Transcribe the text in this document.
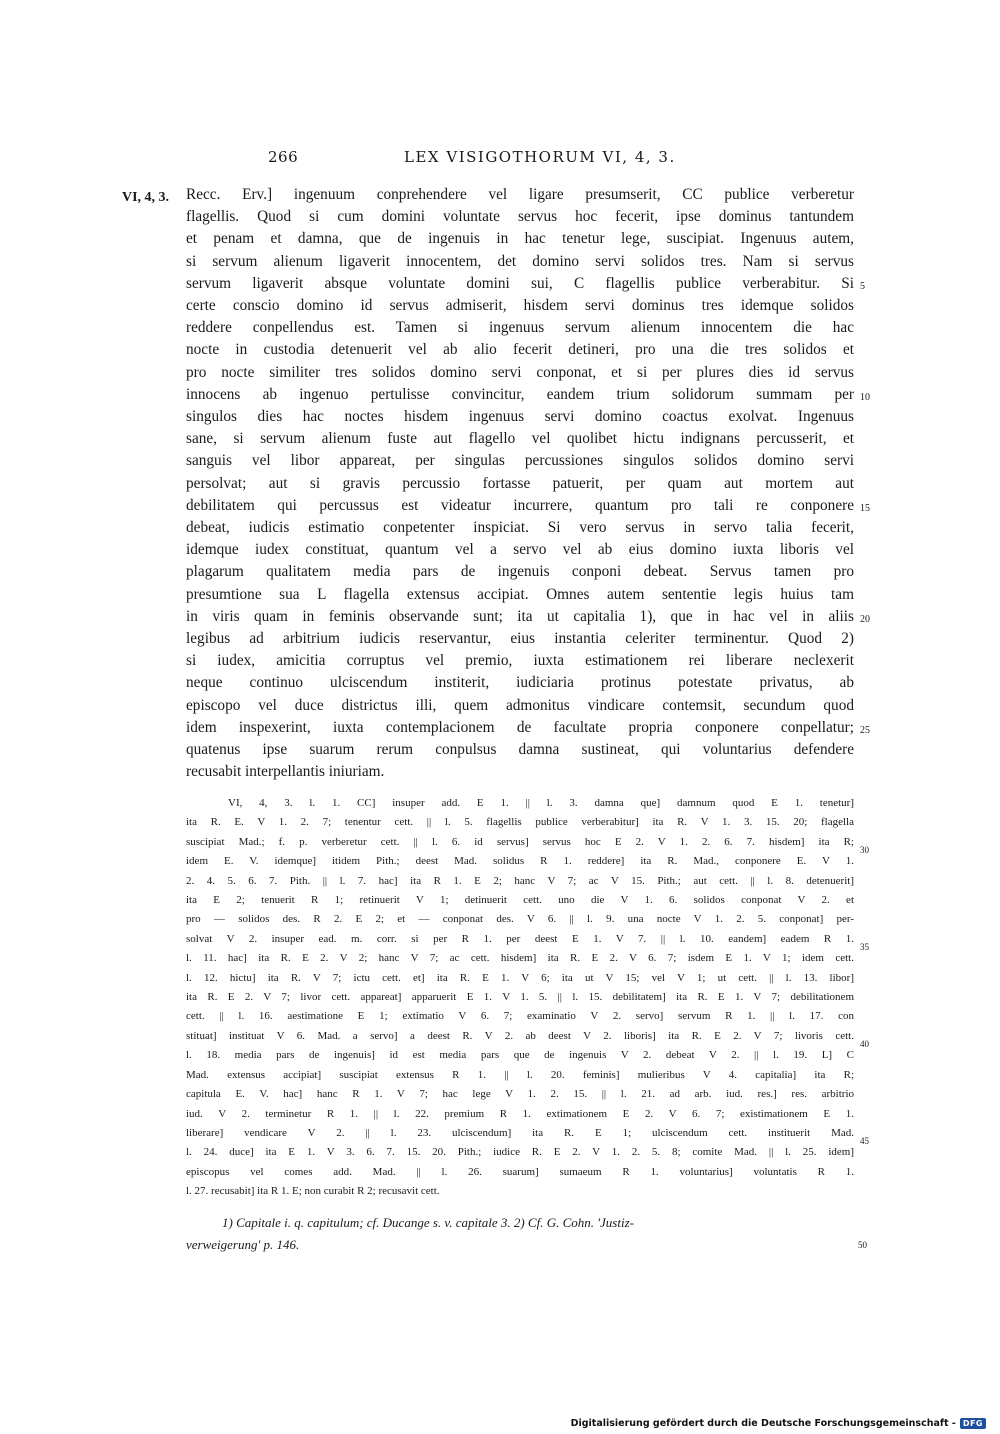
266	LEX VISIGOTHORUM VI, 4, 3.
VI, 4, 3. Recc. Erv.] ingenuum conprehendere vel ligare presumserit, CC publice verberetur
flagellis. Quod si cum domini voluntate servus hoc fecerit, ipse dominus tantundem
et penam et damna, que de ingenuis in hac tenetur lege, suscipiat. Ingenuus autem,
si servum alienum ligaverit innocentem, det domino servi solidos tres. Nam si servus
servum ligaverit absque voluntate domini sui, C flagellis publice verberabitur. Si
certe conscio domino id servus admiserit, hisdem servi dominus tres idemque solidos
reddere conpellendus est. Tamen si ingenuus servum alienum innocentem die hac
nocte in custodia detenuerit vel ab alio fecerit detineri, pro una die tres solidos et
pro nocte similiter tres solidos domino servi conponat, et si per plures dies id servus
innocens ab ingenuo pertulisse convincitur, eandem trium solidorum summam per
singulos dies hac noctes hisdem ingenuus servi domino coactus exolvat. Ingenuus
sane, si servum alienum fuste aut flagello vel quolibet hictu indignans percusserit, et
sanguis vel libor appareat, per singulas percussiones singulos solidos domino servi
persolvat; aut si gravis percussio fortasse patuerit, per quam aut mortem aut
debilitatem qui percussus est videatur incurrere, quantum pro tali re conponere
debeat, iudicis estimatio conpetenter inspiciat. Si vero servus in servo talia fecerit,
idemque iudex constituat, quantum vel a servo vel ab eius domino iuxta liboris vel
plagarum qualitatem media pars de ingenuis conponi debeat. Servus tamen pro
presumtione sua L flagella extensus accipiat. Omnes autem sententie legis huius tam
in viris quam in feminis observande sunt; ita ut capitalia 1), que in hac vel in aliis
legibus ad arbitrium iudicis reservantur, eius instantia celeriter terminentur. Quod 2)
si iudex, amicitia corruptus vel premio, iuxta estimationem rei liberare neclexerit
neque continuo ulciscendum institerit, iudiciaria protinus potestate privatus, ab
episcopo vel duce districtus illi, quem admonitus vindicare contemsit, secundum quod
idem inspexerint, iuxta contemplacionem de facultate propria conponere conpellatur;
quatenus ipse suarum rerum conpulsus damna sustineat, qui voluntarius defendere
recusabit interpellantis iniuriam.
5
10
15
20
25
VI, 4, 3. l. 1. CC] insuper add. E 1. || l. 3. damna que] damnum quod E 1. tenetur]
ita R. E. V 1. 2. 7; tenentur cett. || l. 5. flagellis publice verberabitur] ita R. V 1. 3. 15. 20; flagella
suscipiat Mad.; f. p. verberetur cett. || l. 6. id servus] servus hoc E 2. V 1. 2. 6. 7. hisdem] ita R;
idem E. V. idemque] itidem Pith.; deest Mad. solidus R 1. reddere] ita R. Mad., conponere E. V 1.
2. 4. 5. 6. 7. Pith. || l. 7. hac] ita R 1. E 2; hanc V 7; ac V 15. Pith.; aut cett. || l. 8. detenuerit]
ita E 2; tenuerit R 1; retinuerit V 1; detinuerit cett. uno die V 1. 6. solidos conponat V 2. et
pro — solidos des. R 2. E 2; et — conponat des. V 6. || l. 9. una nocte V 1. 2. 5. conponat] per-
solvat V 2. insuper ead. m. corr. si per R 1. per deest E 1. V 7. || l. 10. eandem] eadem R 1.
l. 11. hac] ita R. E 2. V 2; hanc V 7; ac cett. hisdem] ita R. E 2. V 6. 7; isdem E 1. V 1; idem cett.
l. 12. hictu] ita R. V 7; ictu cett. et] ita R. E 1. V 6; ita ut V 15; vel V 1; ut cett. || l. 13. libor]
ita R. E 2. V 7; livor cett. appareat] apparuerit E 1. V 1. 5. || l. 15. debilitatem] ita R. E 1. V 7; debilitationem
cett. || l. 16. aestimatione E 1; extimatio V 6. 7; examinatio V 2. servo] servum R 1. || l. 17. con
stituat] instituat V 6. Mad. a servo] a deest R. V 2. ab deest V 2. liboris] ita R. E 2. V 7; livoris cett.
l. 18. media pars de ingenuis] id est media pars que de ingenuis V 2. debeat V 2. || l. 19. L] C
Mad. extensus accipiat] suscipiat extensus R 1. || l. 20. feminis] mulieribus V 4. capitalia] ita R;
capitula E. V. hac] hanc R 1. V 7; hac lege V 1. 2. 15. || l. 21. ad arb. iud. res.] res. arbitrio
iud. V 2. terminetur R 1. || l. 22. premium R 1. extimationem E 2. V 6. 7; existimationem E 1.
liberare] vendicare V 2. || l. 23. ulciscendum] ita R. E 1; ulciscendum cett. instituerit Mad.
l. 24. duce] ita E 1. V 3. 6. 7. 15. 20. Pith.; iudice R. E 2. V 1. 2. 5. 8; comite Mad. || l. 25. idem]
episcopus vel comes add. Mad. || l. 26. suarum] sumaeum R 1. voluntarius] voluntatis R 1.
l. 27. recusabit] ita R 1. E; non curabit R 2; recusavit cett.
30
35
40
45
1) Capitale i. q. capitulum; cf. Ducange s. v. capitale 3. 2) Cf. G. Cohn. 'Justiz-
verweigerung' p. 146.	50
Digitalisierung gefördert durch die Deutsche Forschungsgemeinschaft - DFG
